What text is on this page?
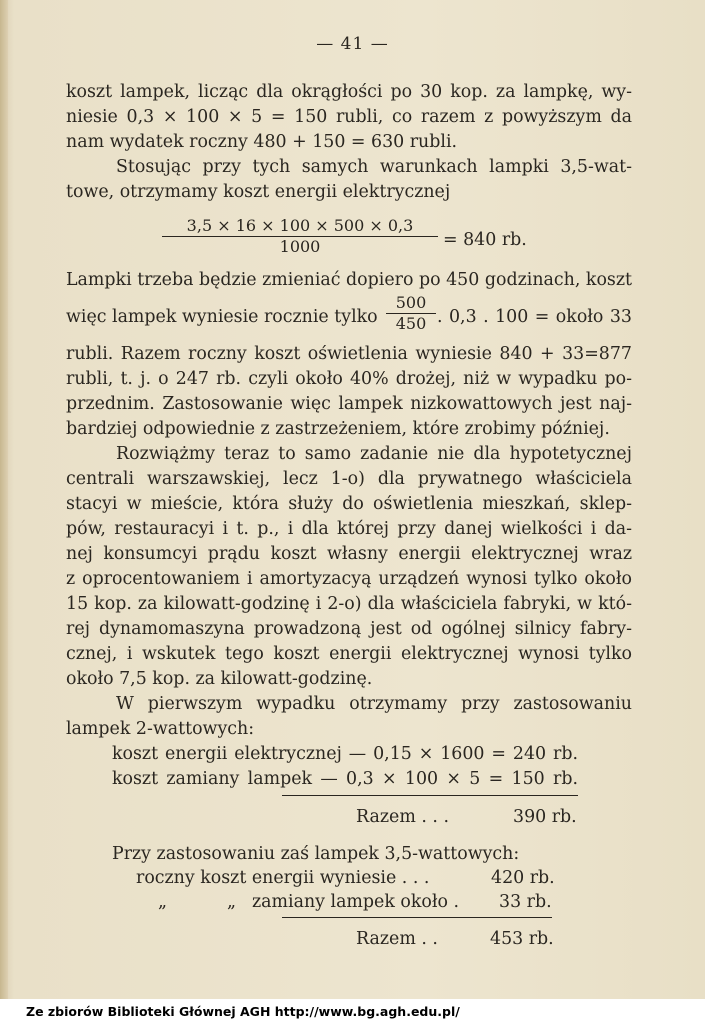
— 41 —
koszt lampek, licząc dla okrągłości po 30 kop. za lampkę, wy-
niesie 0,3 × 100 × 5 = 150 rubli, co razem z powyższym da
nam wydatek roczny 480 + 150 = 630 rubli.
Stosując przy tych samych warunkach lampki 3,5-wat-
towe, otrzymamy koszt energii elektrycznej
$\frac{3,5 \times 16 \times 100 \times 500 \times 0,3}{1000} = 840$ rb.
Lampki trzeba będzie zmieniać dopiero po 450 godzinach, koszt
więc lampek wyniesie rocznie tylko $\frac{500}{450}$ . 0,3 . 100 = około 33
rubli. Razem roczny koszt oświetlenia wyniesie 840 + 33=877
rubli, t. j. o 247 rb. czyli około 40% drożej, niż w wypadku po-
przednim. Zastosowanie więc lampek nizkowattowych jest naj-
bardziej odpowiednie z zastrzeżeniem, które zrobimy później.
Rozwiążmy teraz to samo zadanie nie dla hypotetycznej
centrali warszawskiej, lecz 1-o) dla prywatnego właściciela
stacyi w mieście, która służy do oświetlenia mieszkań, sklep-
pów, restauracyi i t. p., i dla której przy danej wielkości i da-
nej konsumcyi prądu koszt własny energii elektrycznej wraz
z oprocentowaniem i amortyzacyą urządzeń wynosi tylko około
15 kop. za kilowatt-godzinę i 2-o) dla właściciela fabryki, w któ-
rej dynamomaszyna prowadzoną jest od ogólnej silnicy fabry-
cznej, i wskutek tego koszt energii elektrycznej wynosi tylko
około 7,5 kop. za kilowatt-godzinę.
W pierwszym wypadku otrzymamy przy zastosowaniu
lampek 2-wattowych:
koszt energii elektrycznej — 0,15 × 1600 = 240 rb.
koszt zamiany lampek — 0,3 × 100 × 5 = 150 rb.
Razem . . .	390 rb.
Przy zastosowaniu zaś lampek 3,5-wattowych:
roczny koszt energii wyniesie . . .	420 rb.
„ „ zamiany lampek około . 33 rb.
Razem . .	453 rb.
Ze zbiorów Biblioteki Głównej AGH http://www.bg.agh.edu.pl/
